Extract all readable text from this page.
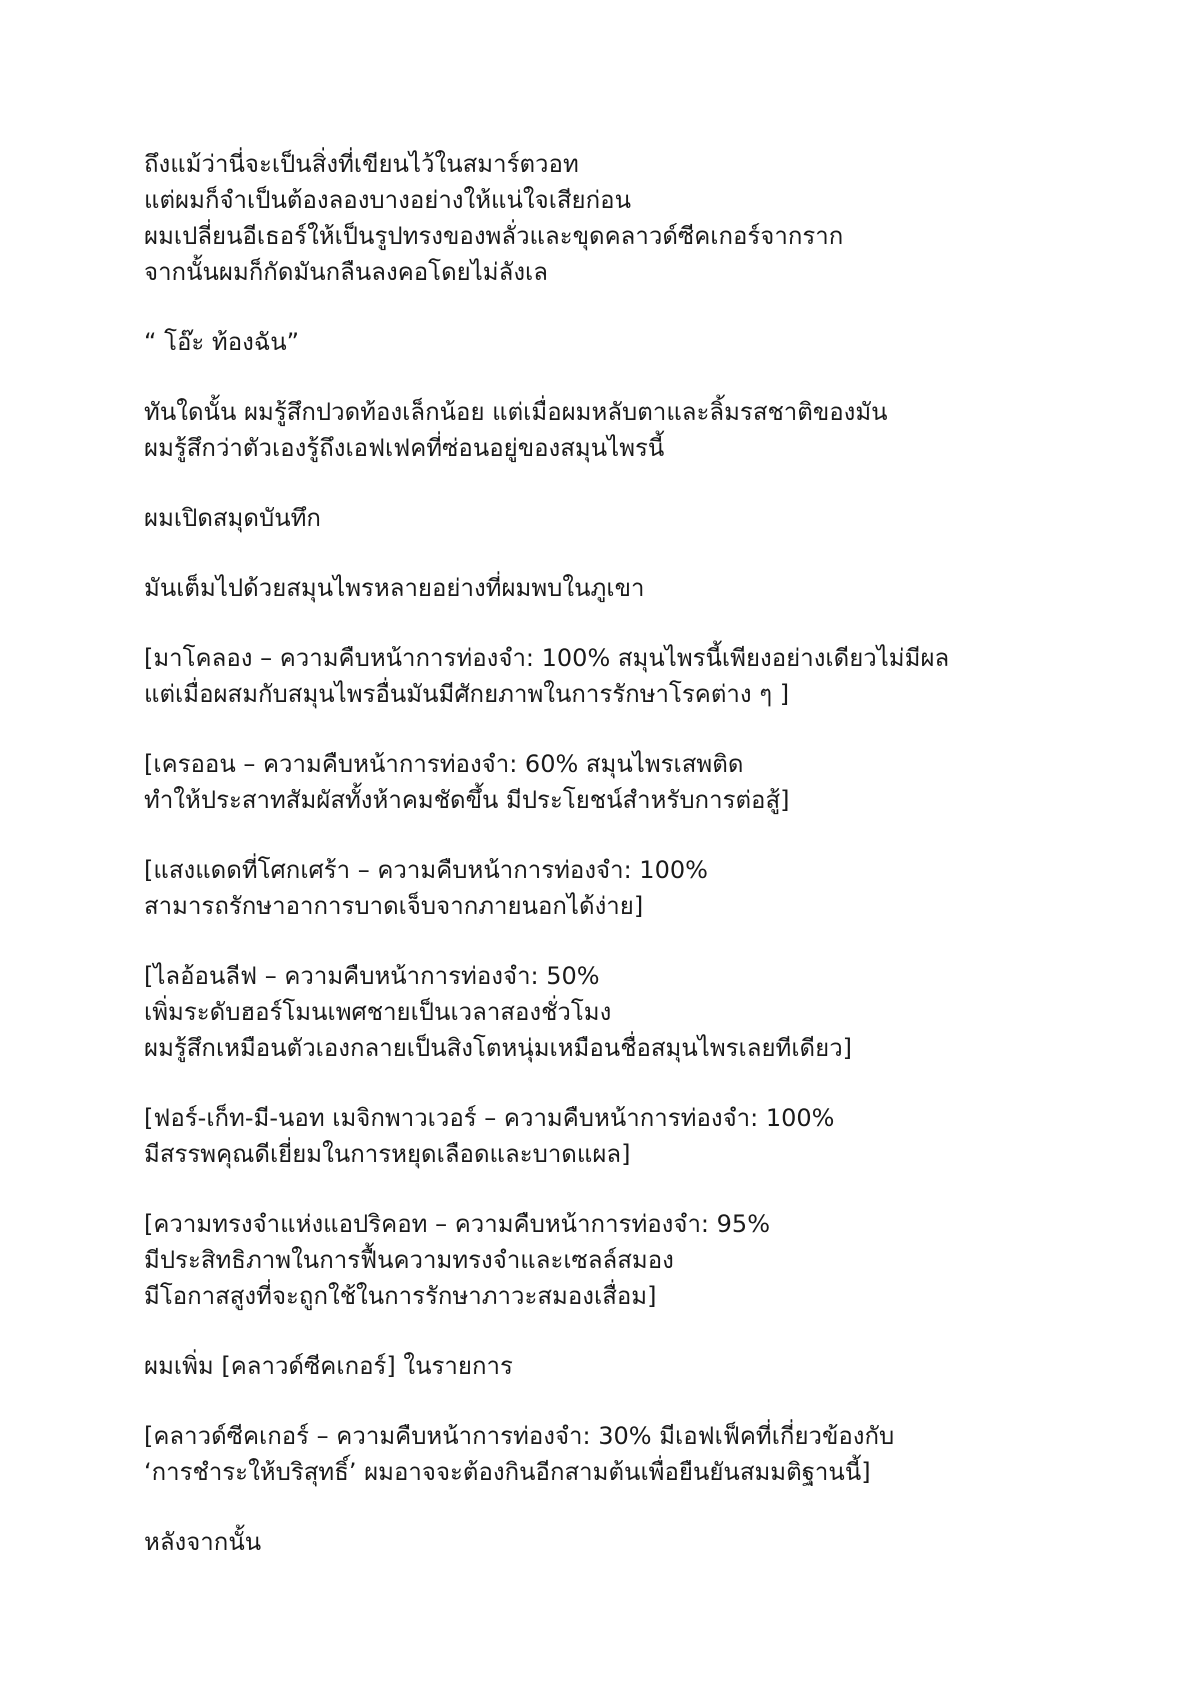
ถึงแม้ว่านี่จะเป็นสิ่งที่เขียนไว้ในสมาร์ตวอท
แต่ผมก็จำเป็นต้องลองบางอย่างให้แน่ใจเสียก่อน
ผมเปลี่ยนอีเธอร์ให้เป็นรูปทรงของพลั่วและขุดคลาวด์ซีคเกอร์จากราก
จากนั้นผมก็กัดมันกลืนลงคอโดยไม่ลังเล

“ โอ๊ะ ท้องฉัน”

ทันใดนั้น ผมรู้สึกปวดท้องเล็กน้อย แต่เมื่อผมหลับตาและลิ้มรสชาติของมัน
ผมรู้สึกว่าตัวเองรู้ถึงเอฟเฟคที่ซ่อนอยู่ของสมุนไพรนี้

ผมเปิดสมุดบันทึก

มันเต็มไปด้วยสมุนไพรหลายอย่างที่ผมพบในภูเขา

[มาโคลอง – ความคืบหน้าการท่องจำ: 100% สมุนไพรนี้เพียงอย่างเดียวไม่มีผล
แต่เมื่อผสมกับสมุนไพรอื่นมันมีศักยภาพในการรักษาโรคต่าง ๆ ]

[เครออน – ความคืบหน้าการท่องจำ: 60% สมุนไพรเสพติด
ทำให้ประสาทสัมผัสทั้งห้าคมชัดขึ้น มีประโยชน์สำหรับการต่อสู้]

[แสงแดดที่โศกเศร้า – ความคืบหน้าการท่องจำ: 100%
สามารถรักษาอาการบาดเจ็บจากภายนอกได้ง่าย]

[ไลอ้อนลีฟ – ความคืบหน้าการท่องจำ: 50%
เพิ่มระดับฮอร์โมนเพศชายเป็นเวลาสองชั่วโมง
ผมรู้สึกเหมือนตัวเองกลายเป็นสิงโตหนุ่มเหมือนชื่อสมุนไพรเลยทีเดียว]

[ฟอร์-เก็ท-มี-นอท เมจิกพาวเวอร์ – ความคืบหน้าการท่องจำ: 100%
มีสรรพคุณดีเยี่ยมในการหยุดเลือดและบาดแผล]

[ความทรงจำแห่งแอปริคอท – ความคืบหน้าการท่องจำ: 95%
มีประสิทธิภาพในการฟื้นความทรงจำและเซลล์สมอง
มีโอกาสสูงที่จะถูกใช้ในการรักษาภาวะสมองเสื่อม]

ผมเพิ่ม [คลาวด์ซีคเกอร์] ในรายการ

[คลาวด์ซีคเกอร์ – ความคืบหน้าการท่องจำ: 30% มีเอฟเฟ็คที่เกี่ยวข้องกับ
‘การชำระให้บริสุทธิ์’ ผมอาจจะต้องกินอีกสามต้นเพื่อยืนยันสมมติฐานนี้]

หลังจากนั้น
